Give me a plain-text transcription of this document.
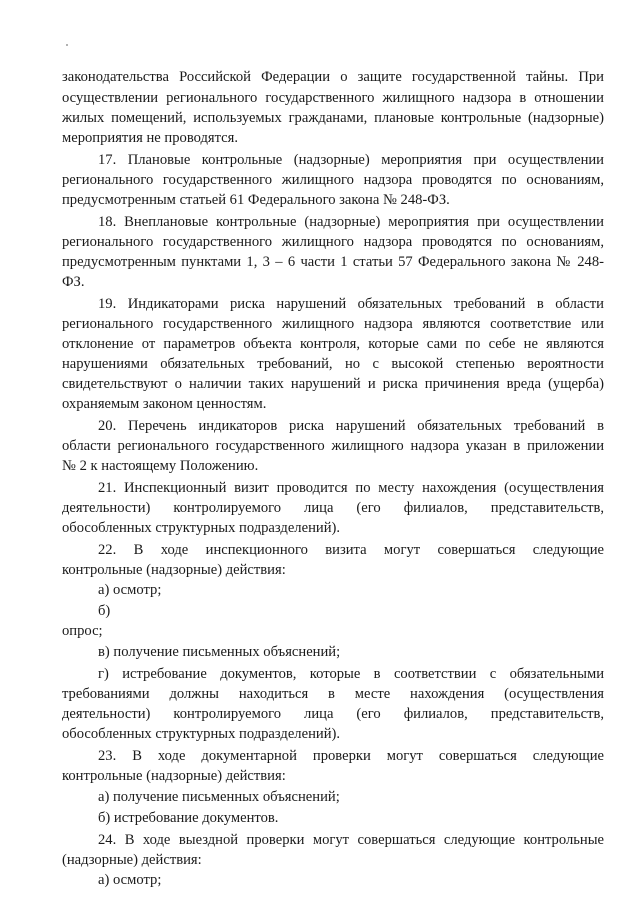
законодательства Российской Федерации о защите государственной тайны. При

осуществлении регионального государственного жилищного надзора в отношении

жилых помещений, используемых гражданами, плановые контрольные (надзорные)

мероприятия не проводятся.

17. Плановые контрольные (надзорные) мероприятия при осуществлении

регионального государственного жилищного надзора проводятся по основаниям,

предусмотренным статьей 61 Федерального закона № 248-ФЗ.

18. Внеплановые контрольные (надзорные) мероприятия при осуществлении

регионального государственного жилищного надзора проводятся по основаниям,

предусмотренным пунктами 1, 3 – 6 части 1 статьи 57 Федерального закона № 248-

ФЗ.

19. Индикаторами риска нарушений обязательных требований в области

регионального государственного жилищного надзора являются соответствие или

отклонение от параметров объекта контроля, которые сами по себе не являются

нарушениями обязательных требований, но с высокой степенью вероятности

свидетельствуют о наличии таких нарушений и риска причинения вреда (ущерба)

охраняемым законом ценностям.

20. Перечень индикаторов риска нарушений обязательных требований в

области регионального государственного жилищного надзора указан в приложении

№ 2 к настоящему Положению.

21. Инспекционный визит проводится по месту нахождения (осуществления

деятельности) контролируемого лица (его филиалов, представительств,

обособленных структурных подразделений).

22. В ходе инспекционного визита могут совершаться следующие

контрольные (надзорные) действия:

а) осмотр;

б)

опрос;

в) получение письменных объяснений;

г) истребование документов, которые в соответствии с обязательными

требованиями должны находиться в месте нахождения (осуществления

деятельности) контролируемого лица (его филиалов, представительств,

обособленных структурных подразделений).

23. В ходе документарной проверки могут совершаться следующие

контрольные (надзорные) действия:

а) получение письменных объяснений;

б) истребование документов.

24. В ходе выездной проверки могут совершаться следующие контрольные

(надзорные) действия:

а) осмотр;
